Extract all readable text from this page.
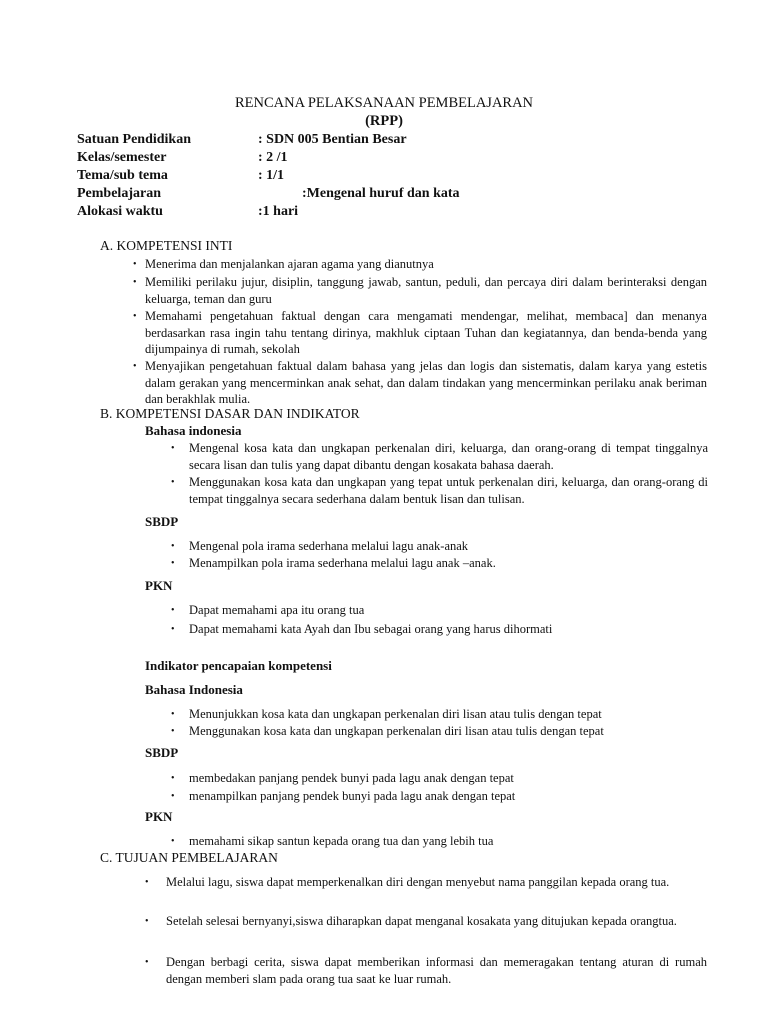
RENCANA PELAKSANAAN PEMBELAJARAN
(RPP)
Satuan Pendidikan	: SDN 005 Bentian Besar
Kelas/semester	: 2 /1
Tema/sub tema	: 1/1
Pembelajaran	:Mengenal huruf dan kata
Alokasi waktu	:1 hari
A. KOMPETENSI INTI
• Menerima dan menjalankan ajaran agama yang dianutnya
• Memiliki perilaku jujur, disiplin, tanggung jawab, santun, peduli, dan percaya diri dalam berinteraksi dengan keluarga, teman dan guru
• Memahami pengetahuan faktual dengan cara mengamati mendengar, melihat, membaca] dan menanya berdasarkan rasa ingin tahu tentang dirinya, makhluk ciptaan Tuhan dan kegiatannya, dan benda-benda yang dijumpainya di rumah, sekolah
• Menyajikan pengetahuan faktual dalam bahasa yang jelas dan logis dan sistematis, dalam karya yang estetis dalam gerakan yang mencerminkan anak sehat, dan dalam tindakan yang mencerminkan perilaku anak beriman dan berakhlak mulia.
B. KOMPETENSI DASAR DAN INDIKATOR
Bahasa indonesia
• Mengenal kosa kata dan ungkapan perkenalan diri, keluarga, dan orang-orang di tempat tinggalnya secara lisan dan tulis yang dapat dibantu dengan kosakata bahasa daerah.
• Menggunakan kosa kata dan ungkapan yang tepat untuk perkenalan diri, keluarga, dan orang-orang di tempat tinggalnya secara sederhana dalam bentuk lisan dan tulisan.
SBDP
• Mengenal pola irama sederhana melalui lagu anak-anak
• Menampilkan pola irama sederhana melalui lagu anak –anak.
PKN
• Dapat memahami apa itu orang tua
• Dapat memahami kata Ayah dan Ibu sebagai orang yang harus dihormati
Indikator pencapaian kompetensi
Bahasa Indonesia
• Menunjukkan kosa kata dan ungkapan perkenalan diri lisan atau tulis dengan tepat
• Menggunakan kosa kata dan ungkapan perkenalan diri lisan atau tulis dengan tepat
SBDP
• membedakan panjang pendek bunyi pada lagu anak dengan tepat
• menampilkan panjang pendek bunyi pada lagu anak dengan tepat
PKN
• memahami sikap santun kepada orang tua dan yang lebih tua
C. TUJUAN PEMBELAJARAN
• Melalui lagu, siswa dapat memperkenalkan diri dengan menyebut nama panggilan kepada orang tua.
• Setelah selesai bernyanyi,siswa diharapkan dapat menganal kosakata yang ditujukan kepada orangtua.
• Dengan berbagi cerita, siswa dapat memberikan informasi dan memeragakan tentang aturan di rumah dengan memberi slam pada orang tua saat ke luar rumah.
